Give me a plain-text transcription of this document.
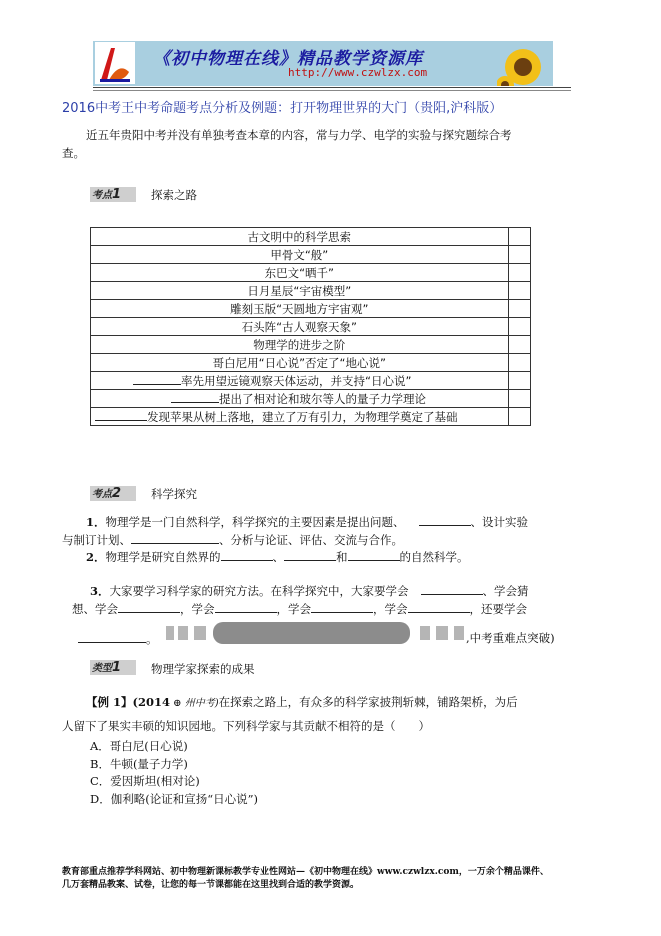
《初中物理在线》精品教学资源库
http://www.czwlzx.com
2016中考王中考命题考点分析及例题：打开物理世界的大门（贵阳,沪科版）
近五年贵阳中考并没有单独考查本章的内容，常与力学、电学的实验与探究题综合考
查。
考点1	探索之路
古文明中的科学思索	
甲骨文“般”	
东巴文“晒千”	
日月星辰“宇宙模型”	
雕刻玉版“天圆地方宇宙观”	
石头阵“古人观察天象”	
物理学的进步之阶	
哥白尼用“日心说”否定了“地心说”	
率先用望远镜观察天体运动，并支持“日心说”	
提出了相对论和玻尔等人的量子力学理论	
发现苹果从树上落地，建立了万有引力，为物理学奠定了基础	
考点2	科学探究
1．物理学是一门自然科学，科学探究的主要因素是提出问题、	、设计实验
与制订计划、	、分析与论证、评估、交流与合作。
2．物理学是研究自然界的	、	和	的自然科学。
3．大家要学习科学家的研究方法。在科学探究中，大家要学会	、学会猜
想、学会	，学会	，学会	，学会	，还要学会
。	,中考重难点突破)
类型1	物理学家探索的成果
【例 1】(2014 ⊕ 州中考)在探索之路上，有众多的科学家披荆斩棘，铺路架桥，为后
人留下了果实丰硕的知识园地。下列科学家与其贡献不相符的是（　　）
A．哥白尼(日心说)
B．牛顿(量子力学)
C．爱因斯坦(相对论)
D．伽利略(论证和宣扬“日心说”)
教育部重点推荐学科网站、初中物理新课标教学专业性网站—《初中物理在线》www.czwlzx.com，一万余个精品课件、
几万套精品教案、试卷，让您的每一节课都能在这里找到合适的教学资源。
